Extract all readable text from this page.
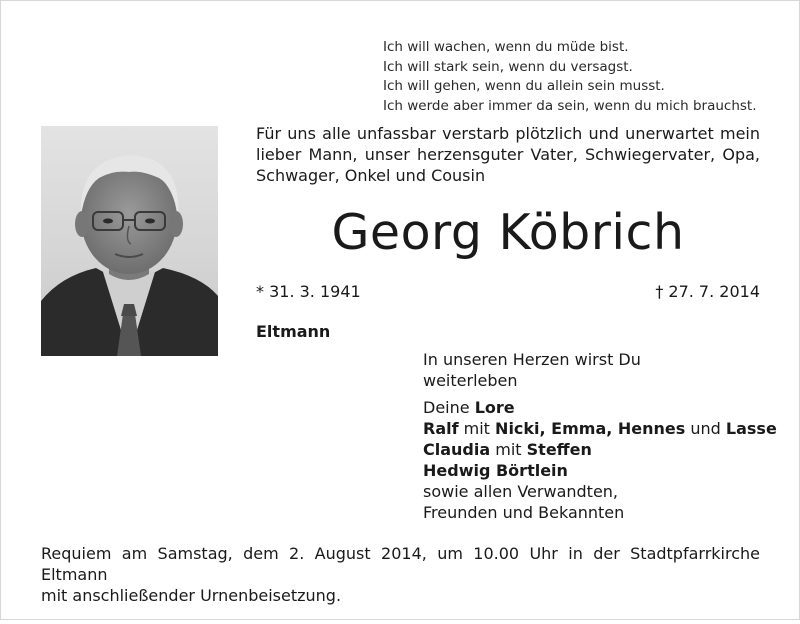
Ich will wachen, wenn du müde bist.
Ich will stark sein, wenn du versagst.
Ich will gehen, wenn du allein sein musst.
Ich werde aber immer da sein, wenn du mich brauchst.
Für uns alle unfassbar verstarb plötzlich und unerwartet mein
lieber Mann, unser herzensguter Vater, Schwiegervater, Opa,
Schwager, Onkel und Cousin
Georg Köbrich
* 31. 3. 1941	† 27. 7. 2014
Eltmann
In unseren Herzen wirst Du
weiterleben
Deine Lore
Ralf mit Nicki, Emma, Hennes und Lasse
Claudia mit Steffen
Hedwig Börtlein
sowie allen Verwandten,
Freunden und Bekannten
Requiem am Samstag, dem 2. August 2014, um 10.00 Uhr in der Stadtpfarrkirche Eltmann
mit anschließender Urnenbeisetzung.
